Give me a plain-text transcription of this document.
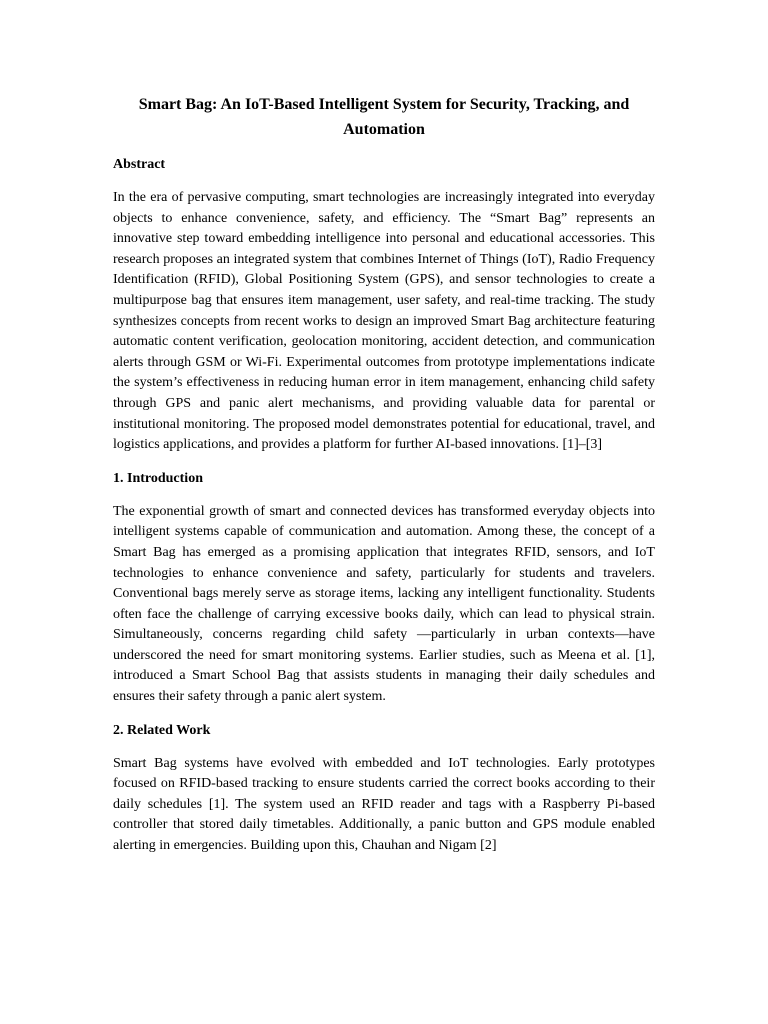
Smart Bag: An IoT-Based Intelligent System for Security, Tracking, and Automation
Abstract

In the era of pervasive computing, smart technologies are increasingly integrated into everyday objects to enhance convenience, safety, and efficiency. The “Smart Bag” represents an innovative step toward embedding intelligence into personal and educational accessories. This research proposes an integrated system that combines Internet of Things (IoT), Radio Frequency Identification (RFID), Global Positioning System (GPS), and sensor technologies to create a multipurpose bag that ensures item management, user safety, and real-time tracking. The study synthesizes concepts from recent works to design an improved Smart Bag architecture featuring automatic content verification, geolocation monitoring, accident detection, and communication alerts through GSM or Wi-Fi. Experimental outcomes from prototype implementations indicate the system’s effectiveness in reducing human error in item management, enhancing child safety through GPS and panic alert mechanisms, and providing valuable data for parental or institutional monitoring. The proposed model demonstrates potential for educational, travel, and logistics applications, and provides a platform for further AI-based innovations. [1]–[3]

1. Introduction

The exponential growth of smart and connected devices has transformed everyday objects into intelligent systems capable of communication and automation. Among these, the concept of a Smart Bag has emerged as a promising application that integrates RFID, sensors, and IoT technologies to enhance convenience and safety, particularly for students and travelers. Conventional bags merely serve as storage items, lacking any intelligent functionality. Students often face the challenge of carrying excessive books daily, which can lead to physical strain. Simultaneously, concerns regarding child safety —particularly in urban contexts—have underscored the need for smart monitoring systems. Earlier studies, such as Meena et al. [1], introduced a Smart School Bag that assists students in managing their daily schedules and ensures their safety through a panic alert system.

2. Related Work

Smart Bag systems have evolved with embedded and IoT technologies. Early prototypes focused on RFID-based tracking to ensure students carried the correct books according to their daily schedules [1]. The system used an RFID reader and tags with a Raspberry Pi-based controller that stored daily timetables. Additionally, a panic button and GPS module enabled alerting in emergencies. Building upon this, Chauhan and Nigam [2]
